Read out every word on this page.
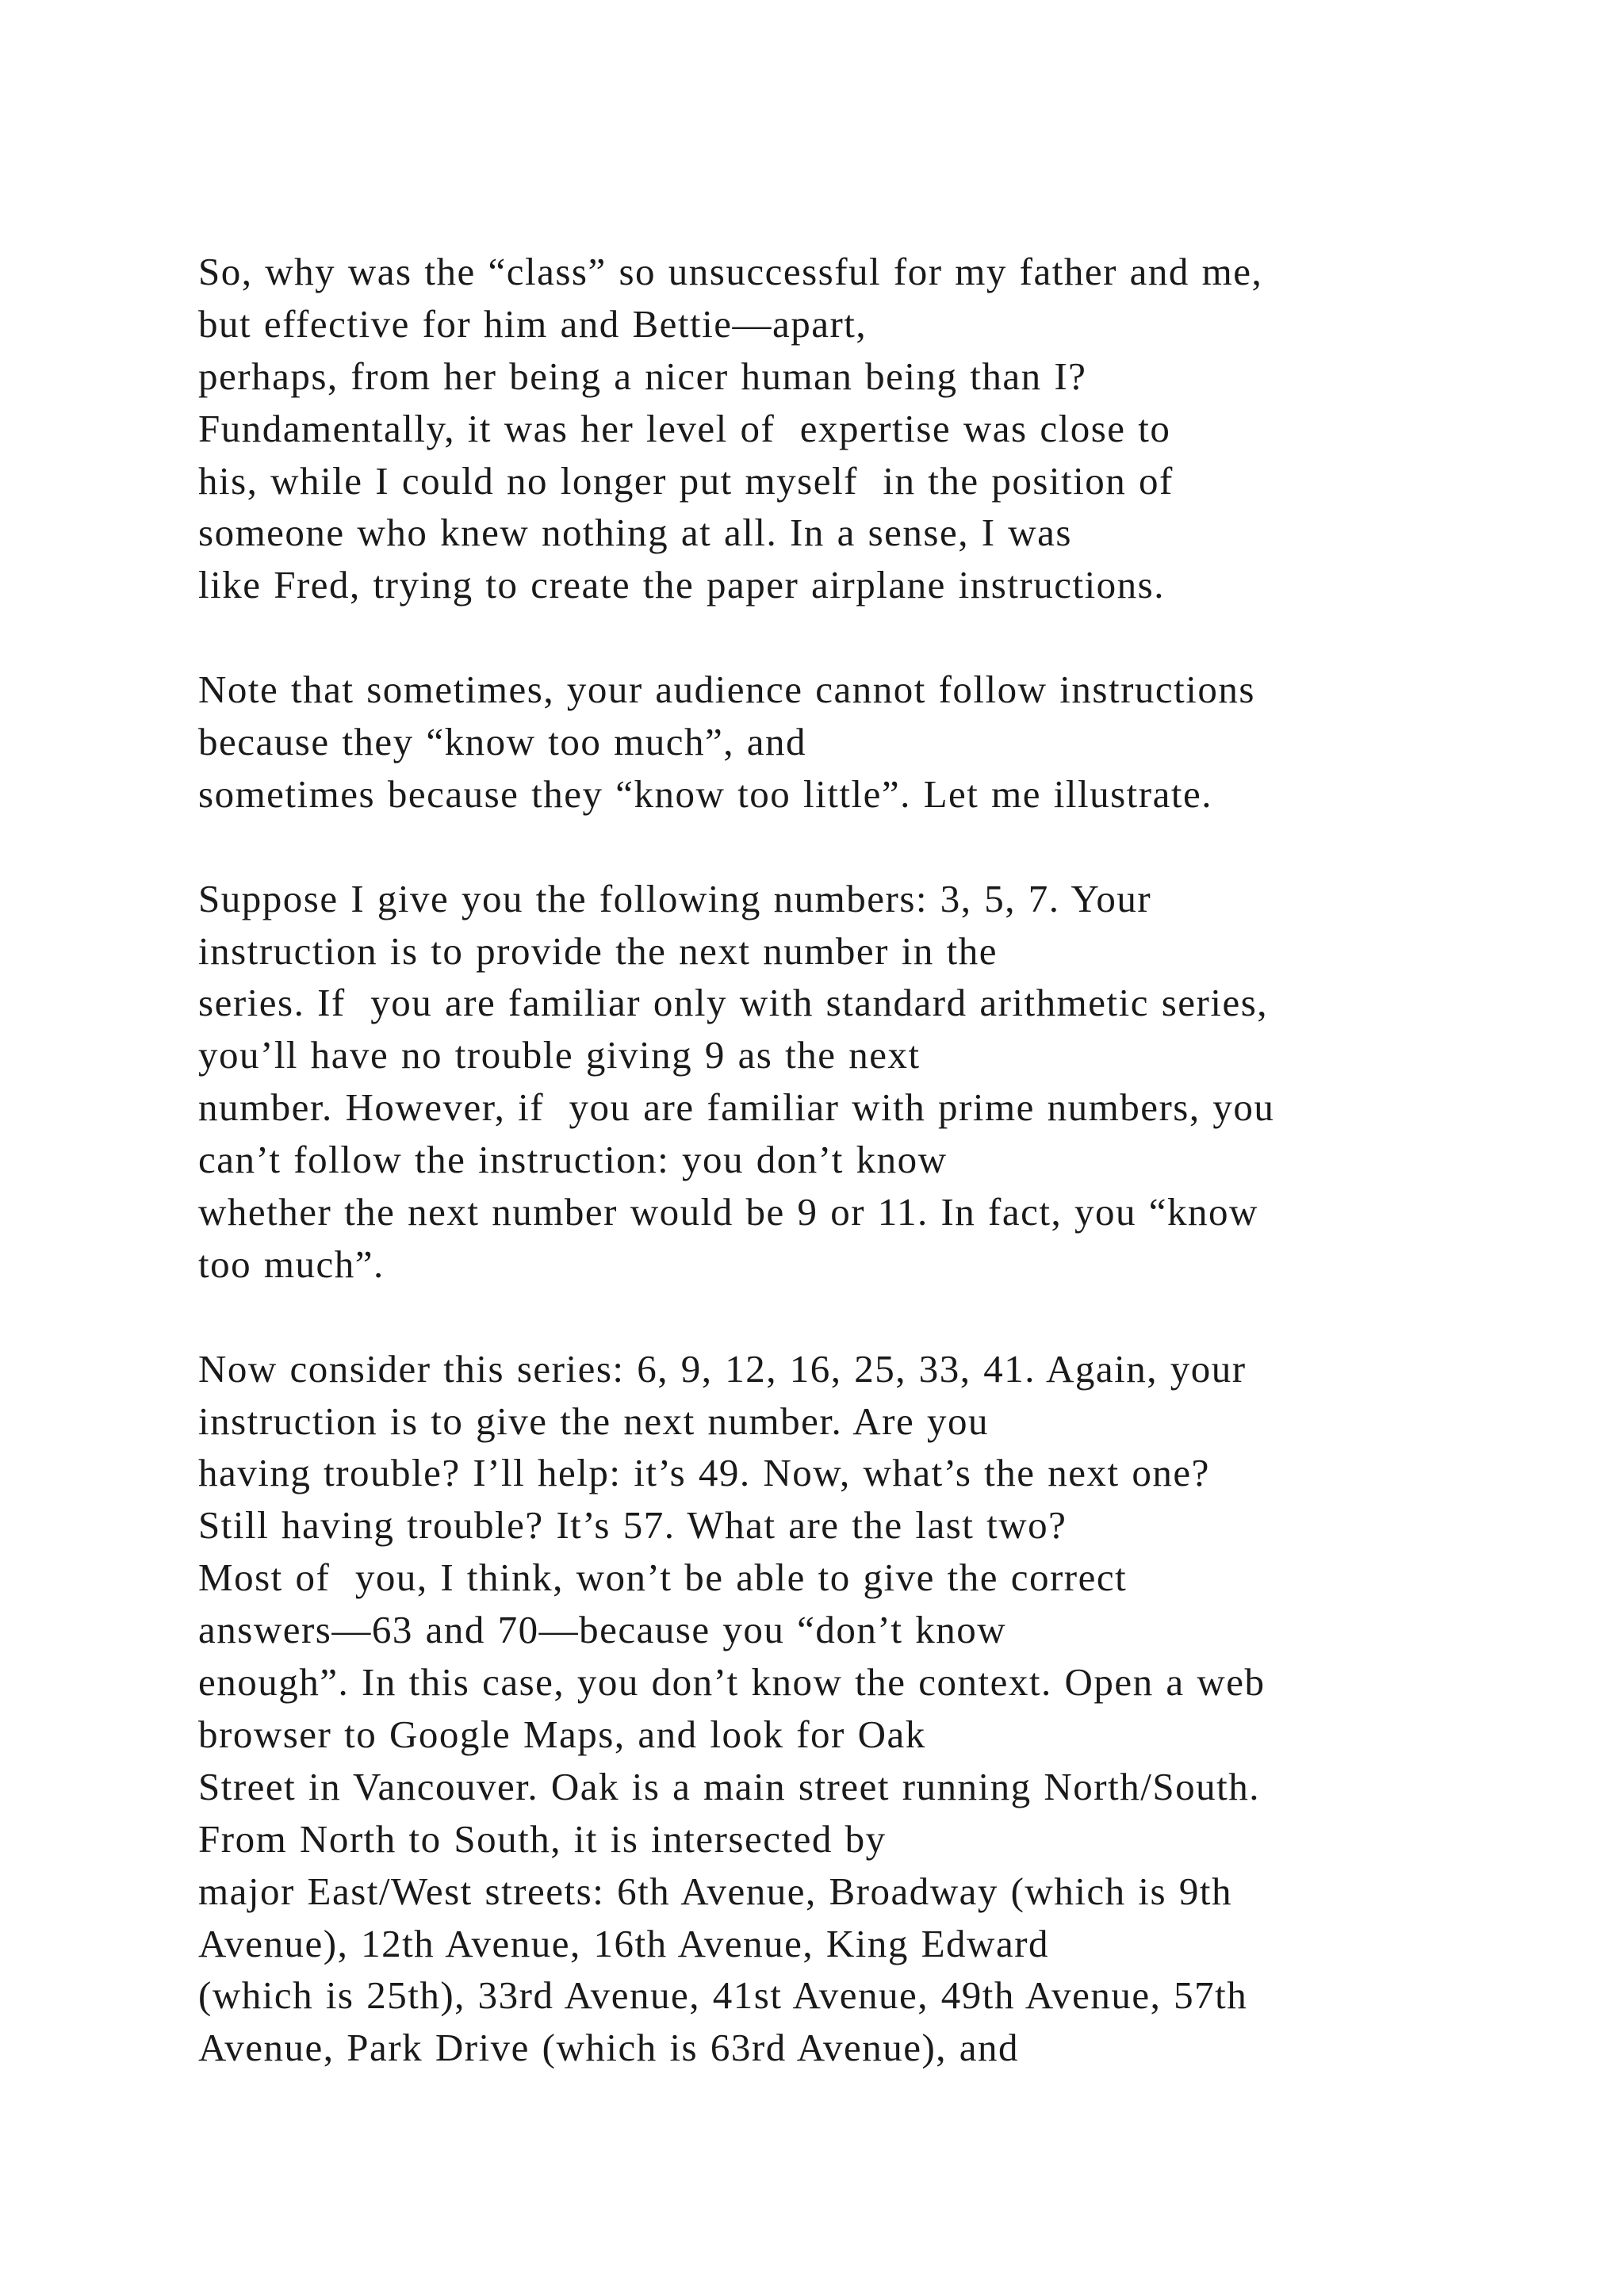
So, why was the “class” so unsuccessful for my father and me,
but effective for him and Bettie—apart,
perhaps, from her being a nicer human being than I?
Fundamentally, it was her level of  expertise was close to
his, while I could no longer put myself  in the position of
someone who knew nothing at all. In a sense, I was
like Fred, trying to create the paper airplane instructions.
Note that sometimes, your audience cannot follow instructions
because they “know too much”, and
sometimes because they “know too little”. Let me illustrate.
Suppose I give you the following numbers: 3, 5, 7. Your
instruction is to provide the next number in the
series. If  you are familiar only with standard arithmetic series,
you’ll have no trouble giving 9 as the next
number. However, if  you are familiar with prime numbers, you
can’t follow the instruction: you don’t know
whether the next number would be 9 or 11. In fact, you “know
too much”.
Now consider this series: 6, 9, 12, 16, 25, 33, 41. Again, your
instruction is to give the next number. Are you
having trouble? I’ll help: it’s 49. Now, what’s the next one?
Still having trouble? It’s 57. What are the last two?
Most of  you, I think, won’t be able to give the correct
answers—63 and 70—because you “don’t know
enough”. In this case, you don’t know the context. Open a web
browser to Google Maps, and look for Oak
Street in Vancouver. Oak is a main street running North/South.
From North to South, it is intersected by
major East/West streets: 6th Avenue, Broadway (which is 9th
Avenue), 12th Avenue, 16th Avenue, King Edward
(which is 25th), 33rd Avenue, 41st Avenue, 49th Avenue, 57th
Avenue, Park Drive (which is 63rd Avenue), and
